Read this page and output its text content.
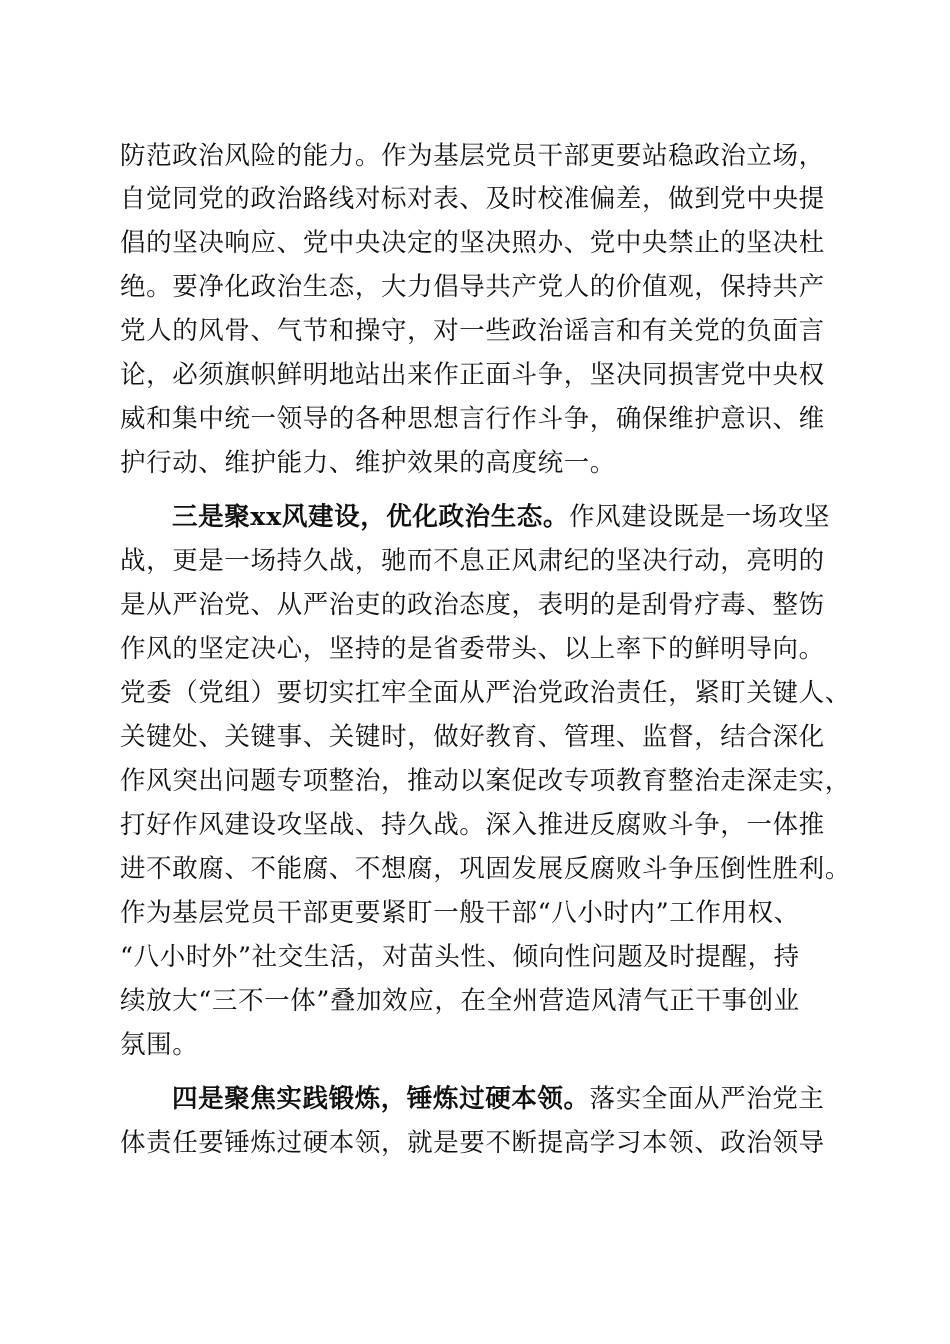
防范政治风险的能力。作为基层党员干部更要站稳政治立场，
自觉同党的政治路线对标对表、及时校准偏差，做到党中央提
倡的坚决响应、党中央决定的坚决照办、党中央禁止的坚决杜
绝。要净化政治生态，大力倡导共产党人的价值观，保持共产
党人的风骨、气节和操守，对一些政治谣言和有关党的负面言
论，必须旗帜鲜明地站出来作正面斗争，坚决同损害党中央权
威和集中统一领导的各种思想言行作斗争，确保维护意识、维
护行动、维护能力、维护效果的高度统一。
三是聚xx风建设，优化政治生态。作风建设既是一场攻坚
战，更是一场持久战，驰而不息正风肃纪的坚决行动，亮明的
是从严治党、从严治吏的政治态度，表明的是刮骨疗毒、整饬
作风的坚定决心，坚持的是省委带头、以上率下的鲜明导向。
党委（党组）要切实扛牢全面从严治党政治责任，紧盯关键人、
关键处、关键事、关键时，做好教育、管理、监督，结合深化
作风突出问题专项整治，推动以案促改专项教育整治走深走实，
打好作风建设攻坚战、持久战。深入推进反腐败斗争，一体推
进不敢腐、不能腐、不想腐，巩固发展反腐败斗争压倒性胜利。
作为基层党员干部更要紧盯一般干部“八小时内”工作用权、
“八小时外”社交生活，对苗头性、倾向性问题及时提醒，持
续放大“三不一体”叠加效应，在全州营造风清气正干事创业
氛围。
四是聚焦实践锻炼，锤炼过硬本领。落实全面从严治党主
体责任要锤炼过硬本领，就是要不断提高学习本领、政治领导
